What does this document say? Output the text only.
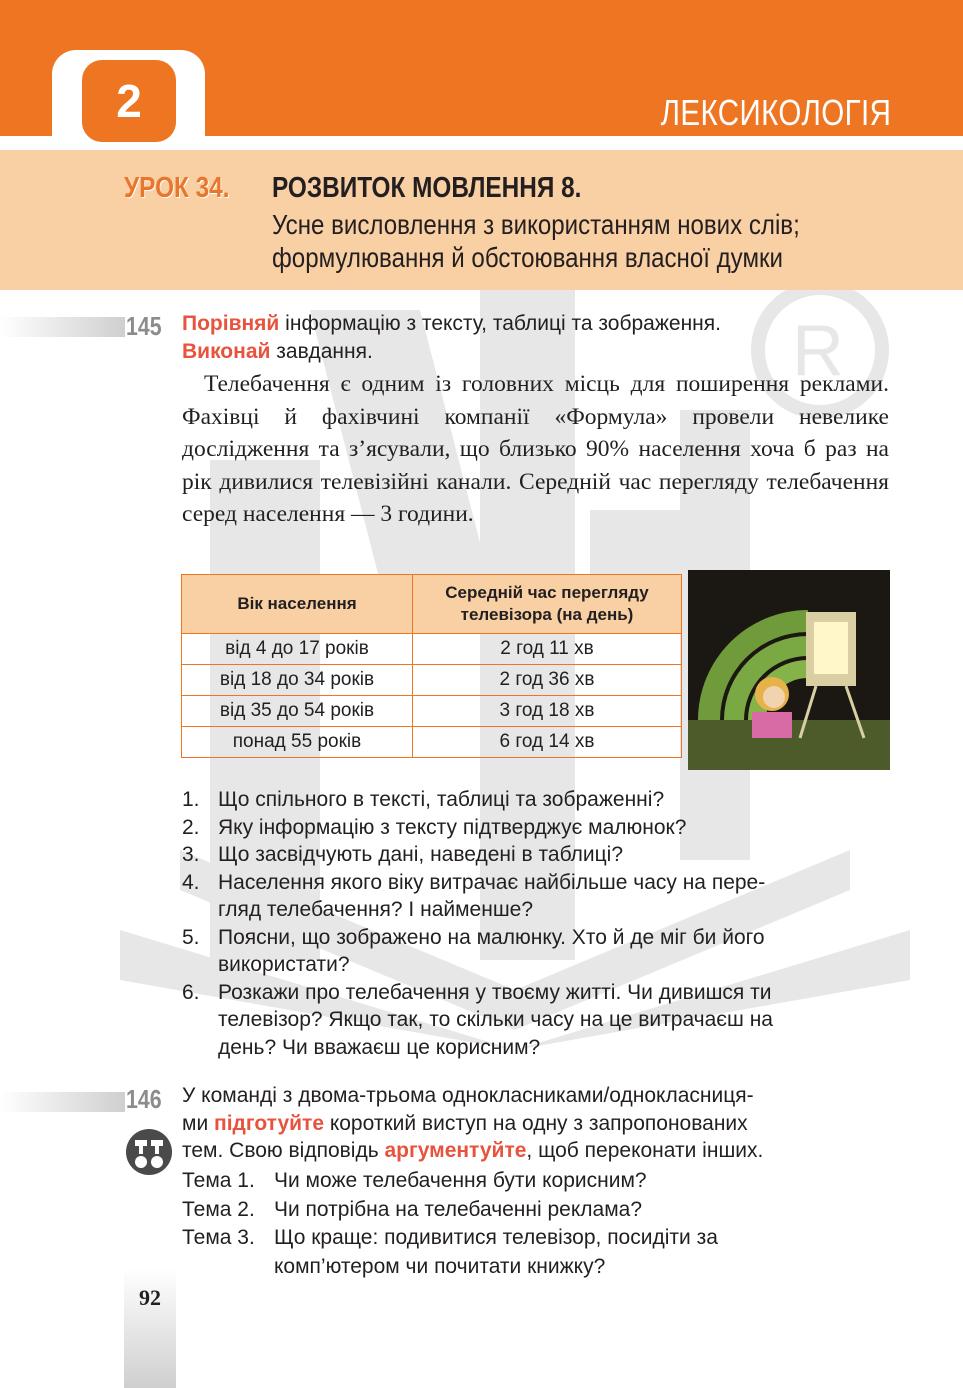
2	ЛЕКСИКОЛОГІЯ
УРОК 34. РОЗВИТОК МОВЛЕННЯ 8.
Усне висловлення з використанням нових слів;
формулювання й обстоювання власної думки
R
145 Порівняй інформацію з тексту, таблиці та зображення.
Виконай завдання.

Телебачення є одним із головних місць для поширення реклами. Фахівці й фахівчині компанії «Формула» провели невелике дослідження та з’ясували, що близько 90% населення хоча б раз на рік дивилися телевізійні канали. Середній час перегляду телебачення серед населення — 3 години.

Вік населення	Середній час перегляду телевізора (на день)
від 4 до 17 років	2 год 11 хв
від 18 до 34 років	2 год 36 хв
від 35 до 54 років	3 год 18 хв
понад 55 років	6 год 14 хв
1. Що спільного в тексті, таблиці та зображенні?
2. Яку інформацію з тексту підтверджує малюнок?
3. Що засвідчують дані, наведені в таблиці?
4. Населення якого віку витрачає найбільше часу на пере-
гляд телебачення? І найменше?
5. Поясни, що зображено на малюнку. Хто й де міг би його
використати?
6. Розкажи про телебачення у твоєму житті. Чи дивишся ти
телевізор? Якщо так, то скільки часу на це витрачаєш на
день? Чи вважаєш це корисним?
146 У команді з двома-трьома однокласниками/однокласниця-
ми підготуйте короткий виступ на одну з запропонованих
тем. Свою відповідь аргументуйте, щоб переконати інших.
Тема 1. Чи може телебачення бути корисним?
Тема 2. Чи потрібна на телебаченні реклама?
Тема 3. Що краще: подивитися телевізор, посидіти за
комп’ютером чи почитати книжку?
92
